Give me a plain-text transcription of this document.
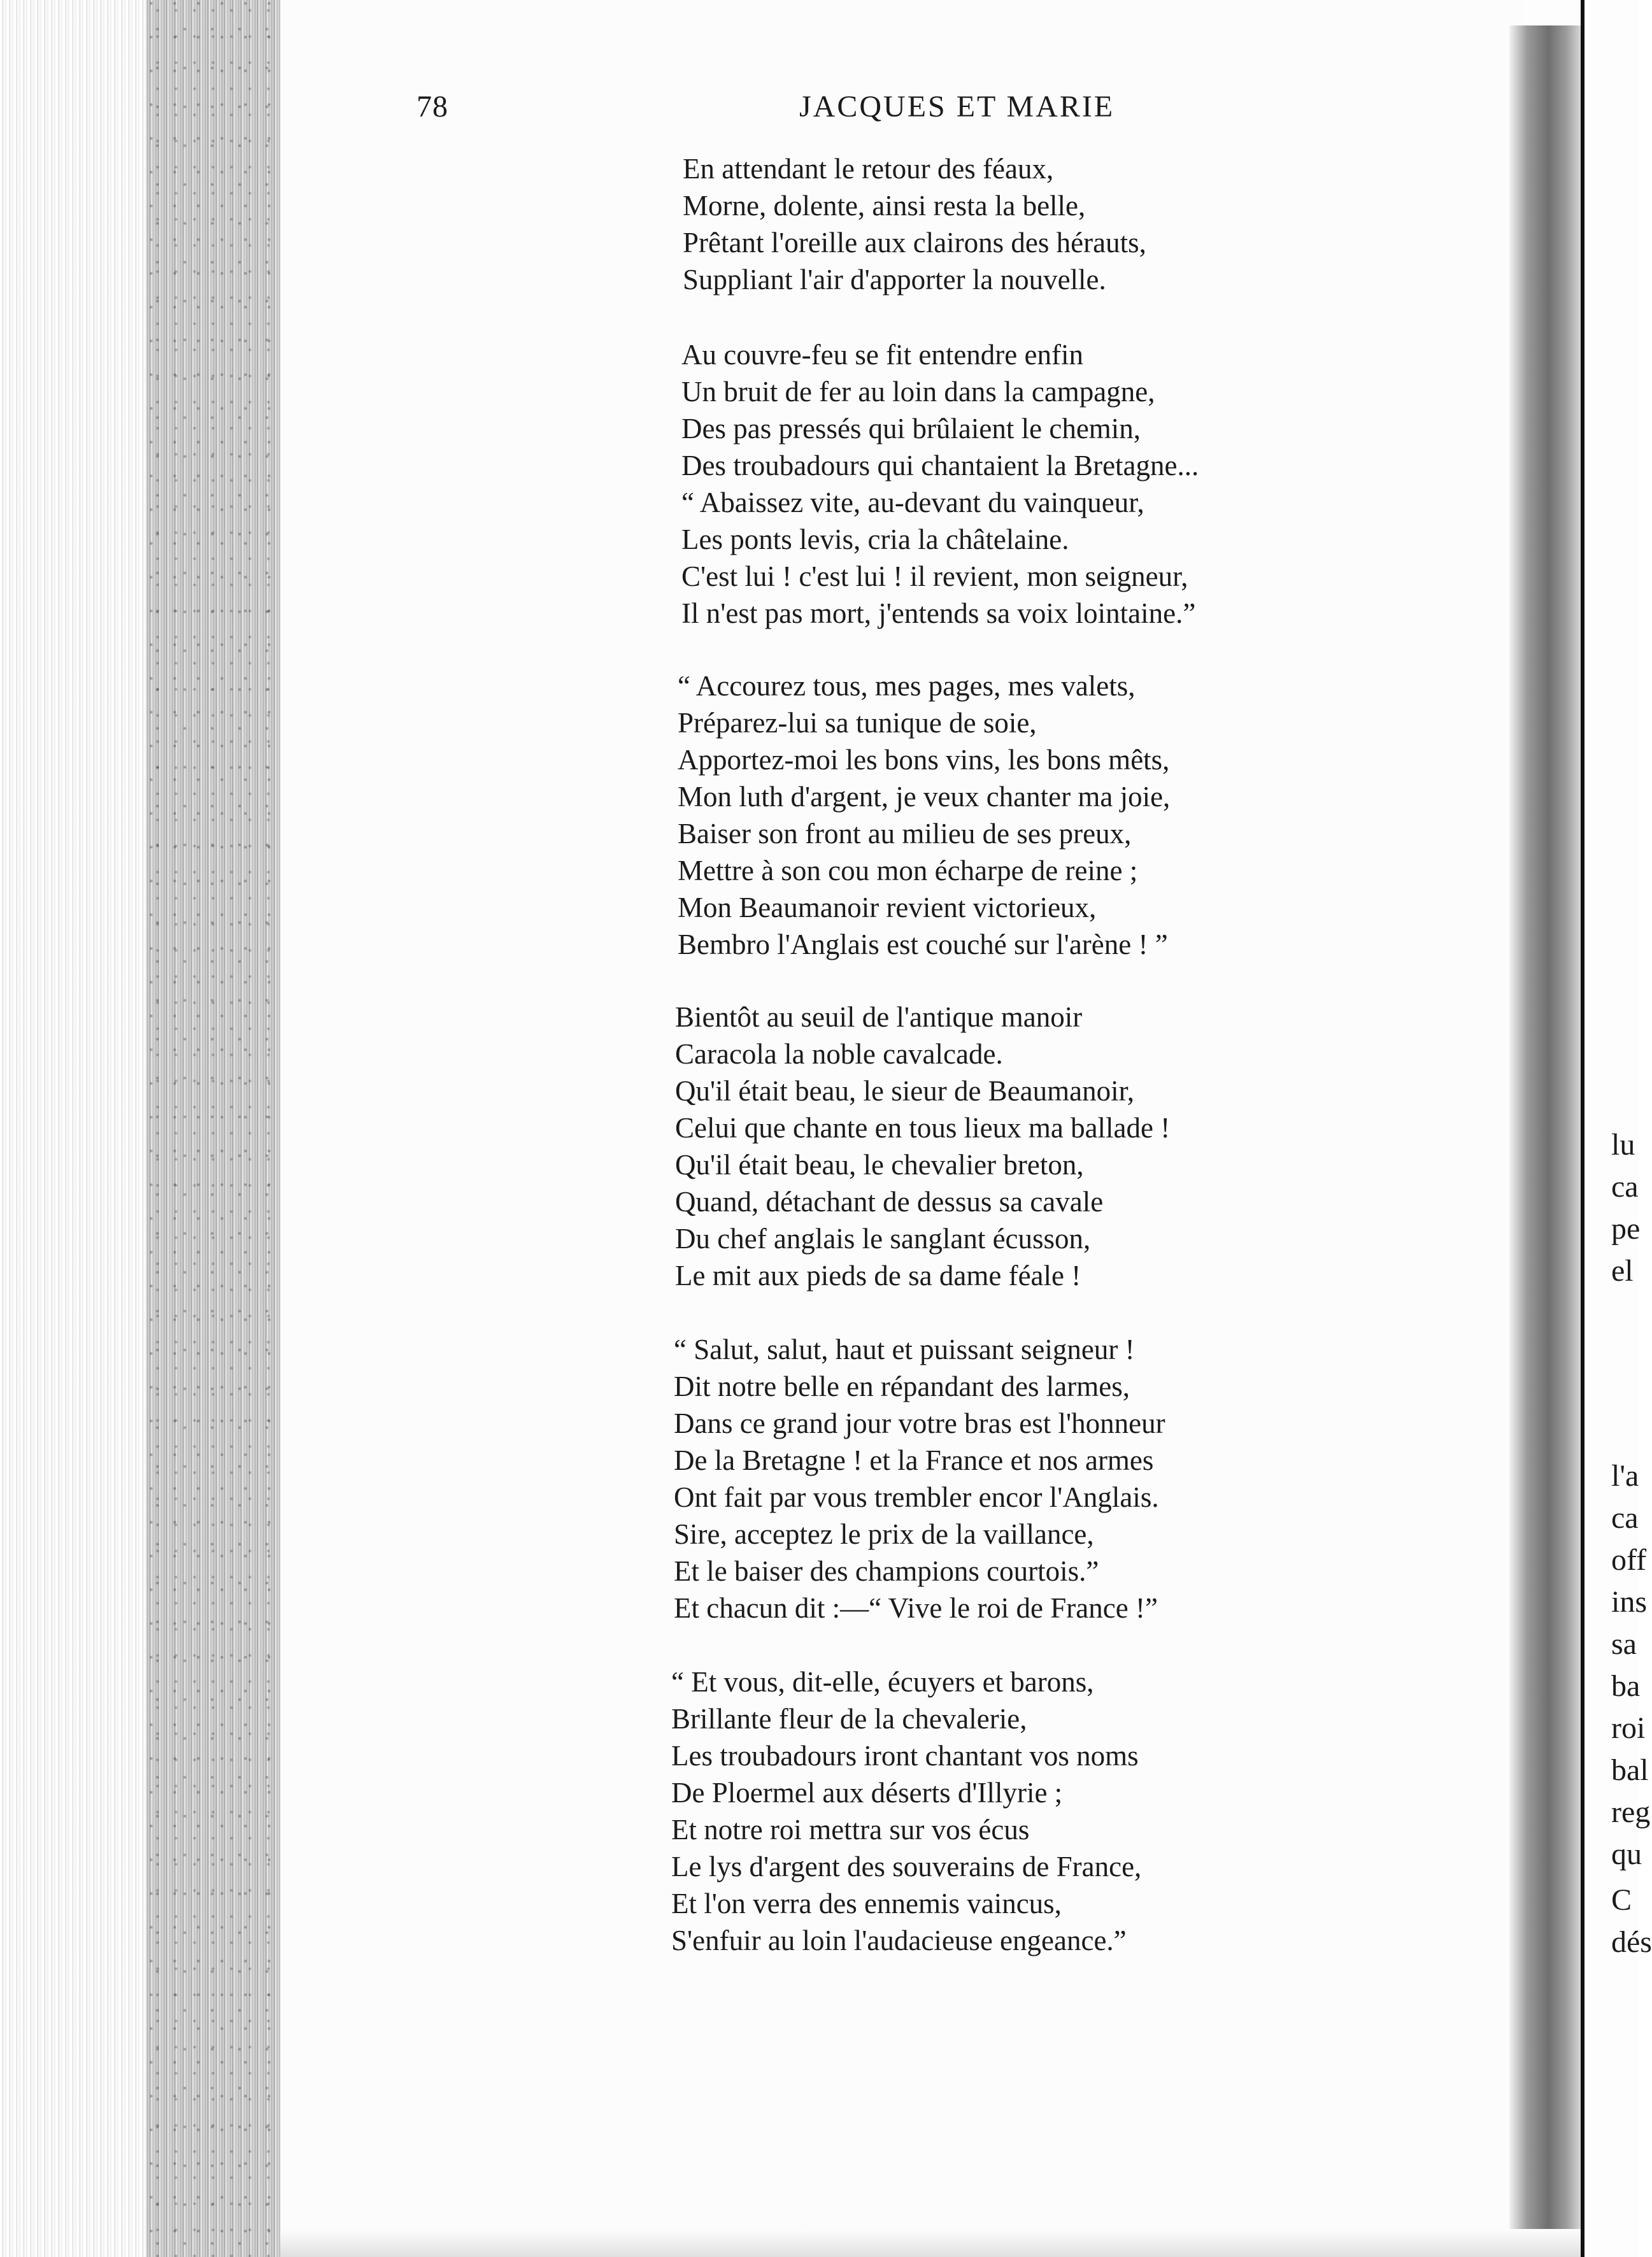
78	JACQUES ET MARIE
En attendant le retour des féaux,
Morne, dolente, ainsi resta la belle,
Prêtant l'oreille aux clairons des hérauts,
Suppliant l'air d'apporter la nouvelle.
Au couvre-feu se fit entendre enfin
Un bruit de fer au loin dans la campagne,
Des pas pressés qui brûlaient le chemin,
Des troubadours qui chantaient la Bretagne...
“ Abaissez vite, au-devant du vainqueur,
Les ponts levis, cria la châtelaine.
C'est lui ! c'est lui ! il revient, mon seigneur,
Il n'est pas mort, j'entends sa voix lointaine.”
“ Accourez tous, mes pages, mes valets,
Préparez-lui sa tunique de soie,
Apportez-moi les bons vins, les bons mêts,
Mon luth d'argent, je veux chanter ma joie,
Baiser son front au milieu de ses preux,
Mettre à son cou mon écharpe de reine ;
Mon Beaumanoir revient victorieux,
Bembro l'Anglais est couché sur l'arène ! ”
Bientôt au seuil de l'antique manoir
Caracola la noble cavalcade.
Qu'il était beau, le sieur de Beaumanoir,
Celui que chante en tous lieux ma ballade !
Qu'il était beau, le chevalier breton,
Quand, détachant de dessus sa cavale
Du chef anglais le sanglant écusson,
Le mit aux pieds de sa dame féale !
“ Salut, salut, haut et puissant seigneur !
Dit notre belle en répandant des larmes,
Dans ce grand jour votre bras est l'honneur
De la Bretagne ! et la France et nos armes
Ont fait par vous trembler encor l'Anglais.
Sire, acceptez le prix de la vaillance,
Et le baiser des champions courtois.”
Et chacun dit :—“ Vive le roi de France !”
“ Et vous, dit-elle, écuyers et barons,
Brillante fleur de la chevalerie,
Les troubadours iront chantant vos noms
De Ploermel aux déserts d'Illyrie ;
Et notre roi mettra sur vos écus
Le lys d'argent des souverains de France,
Et l'on verra des ennemis vaincus,
S'enfuir au loin l'audacieuse engeance.”
lu
ca
pe
el
l'a
ca
off
ins
sa
ba
roi
bal
reg
qu
C
dés
